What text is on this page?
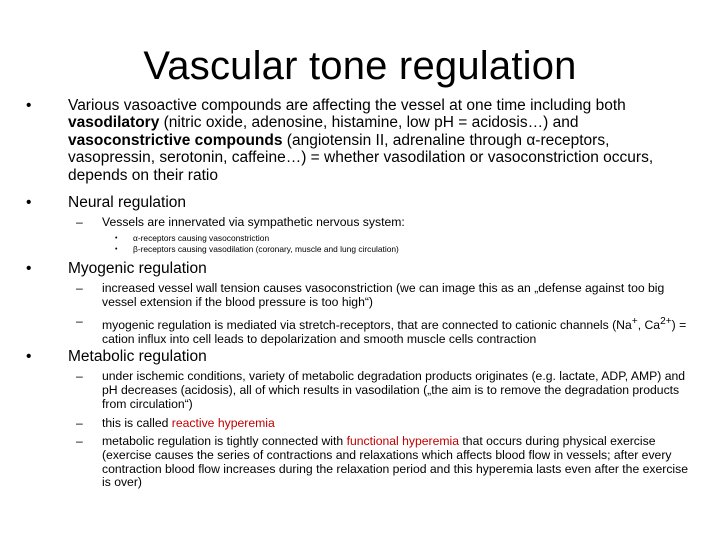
Vascular tone regulation
• Various vasoactive compounds are affecting the vessel at one time including both vasodilatory (nitric oxide, adenosine, histamine, low pH = acidosis…) and vasoconstrictive compounds (angiotensin II, adrenaline through α-receptors, vasopressin, serotonin, caffeine…) = whether vasodilation or vasoconstriction occurs, depends on their ratio
• Neural regulation
– Vessels are innervated via sympathetic nervous system:
• α-receptors causing vasoconstriction
• β-receptors causing vasodilation (coronary, muscle and lung circulation)
• Myogenic regulation
– increased vessel wall tension causes vasoconstriction (we can image this as an „defense against too big vessel extension if the blood pressure is too high“)
– myogenic regulation is mediated via stretch-receptors, that are connected to cationic channels (Na+, $Ca^{2+}$) = cation influx into cell leads to depolarization and smooth muscle cells contraction
• Metabolic regulation
– under ischemic conditions, variety of metabolic degradation products originates (e.g. lactate, ADP, AMP) and pH decreases (acidosis), all of which results in vasodilation („the aim is to remove the degradation products from circulation“)
– this is called reactive hyperemia
– metabolic regulation is tightly connected with functional hyperemia that occurs during physical exercise (exercise causes the series of contractions and relaxations which affects blood flow in vessels; after every contraction blood flow increases during the relaxation period and this hyperemia lasts even after the exercise is over)
